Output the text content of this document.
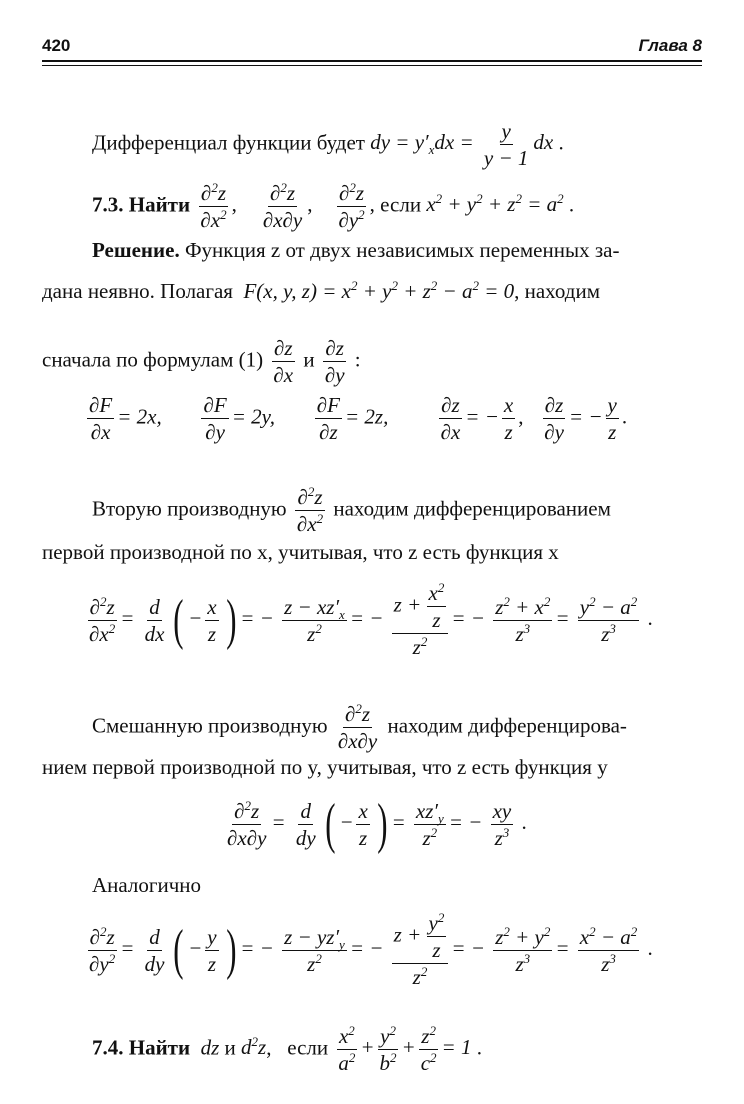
420	Глава 8
Дифференциал функции будет dy = $y'_xdx = \frac{y}{y - 1}$ dx .
7.3. Найти $\frac{\partial^2z}{\partial x^2}$ , $\frac{\partial^2z}{\partial x\partial y}$ , $\frac{\partial^2z}{\partial y^2}$ , если $x^2 + y^2 + z^2 = a^2$ .
Решение. Функция z от двух независимых переменных за-
дана неявно. Полагая  F(x, y, $z) = x^2 + y^2 + z^2 - a^2 = 0$, находим
сначала по формулам $(1) \frac{\partial z}{\partial x}$ и $\frac{\partial z}{\partial y}$ :
$\frac{\partial F}{\partial x} = 2x$, $\frac{\partial F}{\partial y} = 2y$, $\frac{\partial F}{\partial z} = 2z$, $\frac{\partial z}{\partial x}$ = − $\frac{x}{z}$ , $\frac{\partial z}{\partial y}$ = − $\frac{y}{z}$ .
Вторую производную $\frac{\partial^2z}{\partial x^2}$ находим дифференцированием
первой производной по x, учитывая, что z есть функция x
$\frac{\partial^2z}{\partial x^2} = \frac{d}{dx}$ ( − $\frac{x}{z}$ ) = − $\frac{z - xz'_x}{z^2}$ = − $\frac{z + \frac{x^2}{z}}{z^2}$ = − $\frac{z^2 + x^2}{z^3} = \frac{y^2 - a^2}{z^3}$ .
Смешанную производную $\frac{\partial^2z}{\partial x\partial y}$ находим дифференцирова-
нием первой производной по y, учитывая, что z есть функция y
$\frac{\partial^2z}{\partial x\partial y} = \frac{d}{dy}$ ( − $\frac{x}{z}$ ) = $\frac{xz'_y}{z^2}$ = − $\frac{xy}{z^3}$ .
Аналогично
$\frac{\partial^2z}{\partial y^2} = \frac{d}{dy}$ ( − $\frac{y}{z}$ ) = − $\frac{z - yz'_y}{z^2}$ = − $\frac{z + \frac{y^2}{z}}{z^2}$ = − $\frac{z^2 + y^2}{z^3} = \frac{x^2 - a^2}{z^3}$ .
7.4. Найти  dz и $d^2z$, если $\frac{x^2}{a^2} + \frac{y^2}{b^2} + \frac{z^2}{c^2} = 1$ .
